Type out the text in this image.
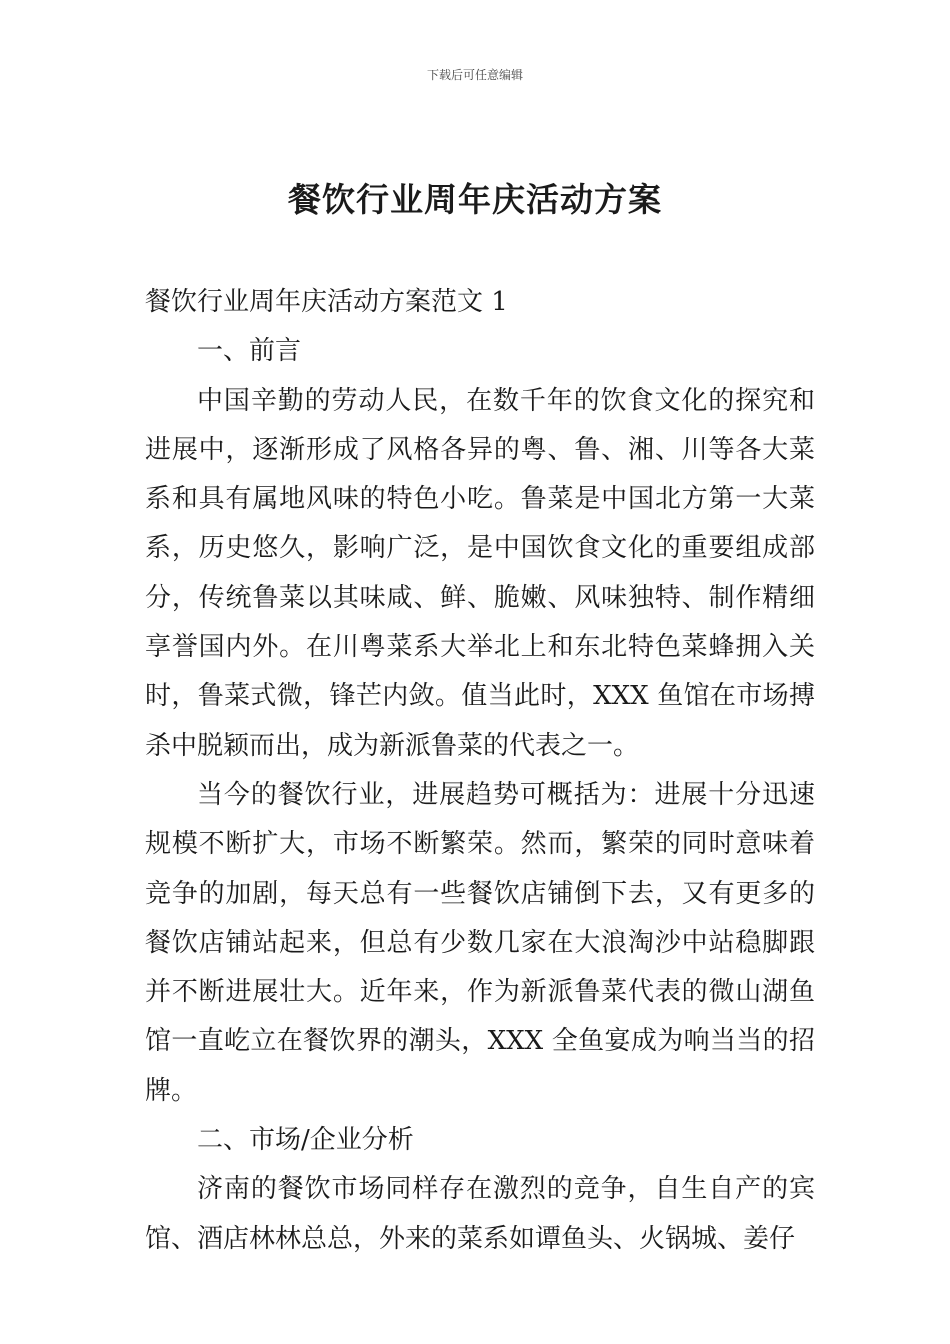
下载后可任意编辑
餐饮行业周年庆活动方案

餐饮行业周年庆活动方案范文 1

一、前言

中国辛勤的劳动人民，在数千年的饮食文化的探究和进展中，逐渐形成了风格各异的粤、鲁、湘、川等各大菜系和具有属地风味的特色小吃。鲁菜是中国北方第一大菜系，历史悠久，影响广泛，是中国饮食文化的重要组成部分，传统鲁菜以其味咸、鲜、脆嫩、风味独特、制作精细享誉国内外。在川粤菜系大举北上和东北特色菜蜂拥入关时，鲁菜式微，锋芒内敛。值当此时，XXX 鱼馆在市场搏杀中脱颖而出，成为新派鲁菜的代表之一。

当今的餐饮行业，进展趋势可概括为：进展十分迅速规模不断扩大，市场不断繁荣。然而，繁荣的同时意味着竞争的加剧，每天总有一些餐饮店铺倒下去，又有更多的餐饮店铺站起来，但总有少数几家在大浪淘沙中站稳脚跟并不断进展壮大。近年来，作为新派鲁菜代表的微山湖鱼馆一直屹立在餐饮界的潮头，XXX 全鱼宴成为响当当的招牌。

二、市场/企业分析

济南的餐饮市场同样存在激烈的竞争，自生自产的宾馆、酒店林林总总，外来的菜系如谭鱼头、火锅城、姜仔
